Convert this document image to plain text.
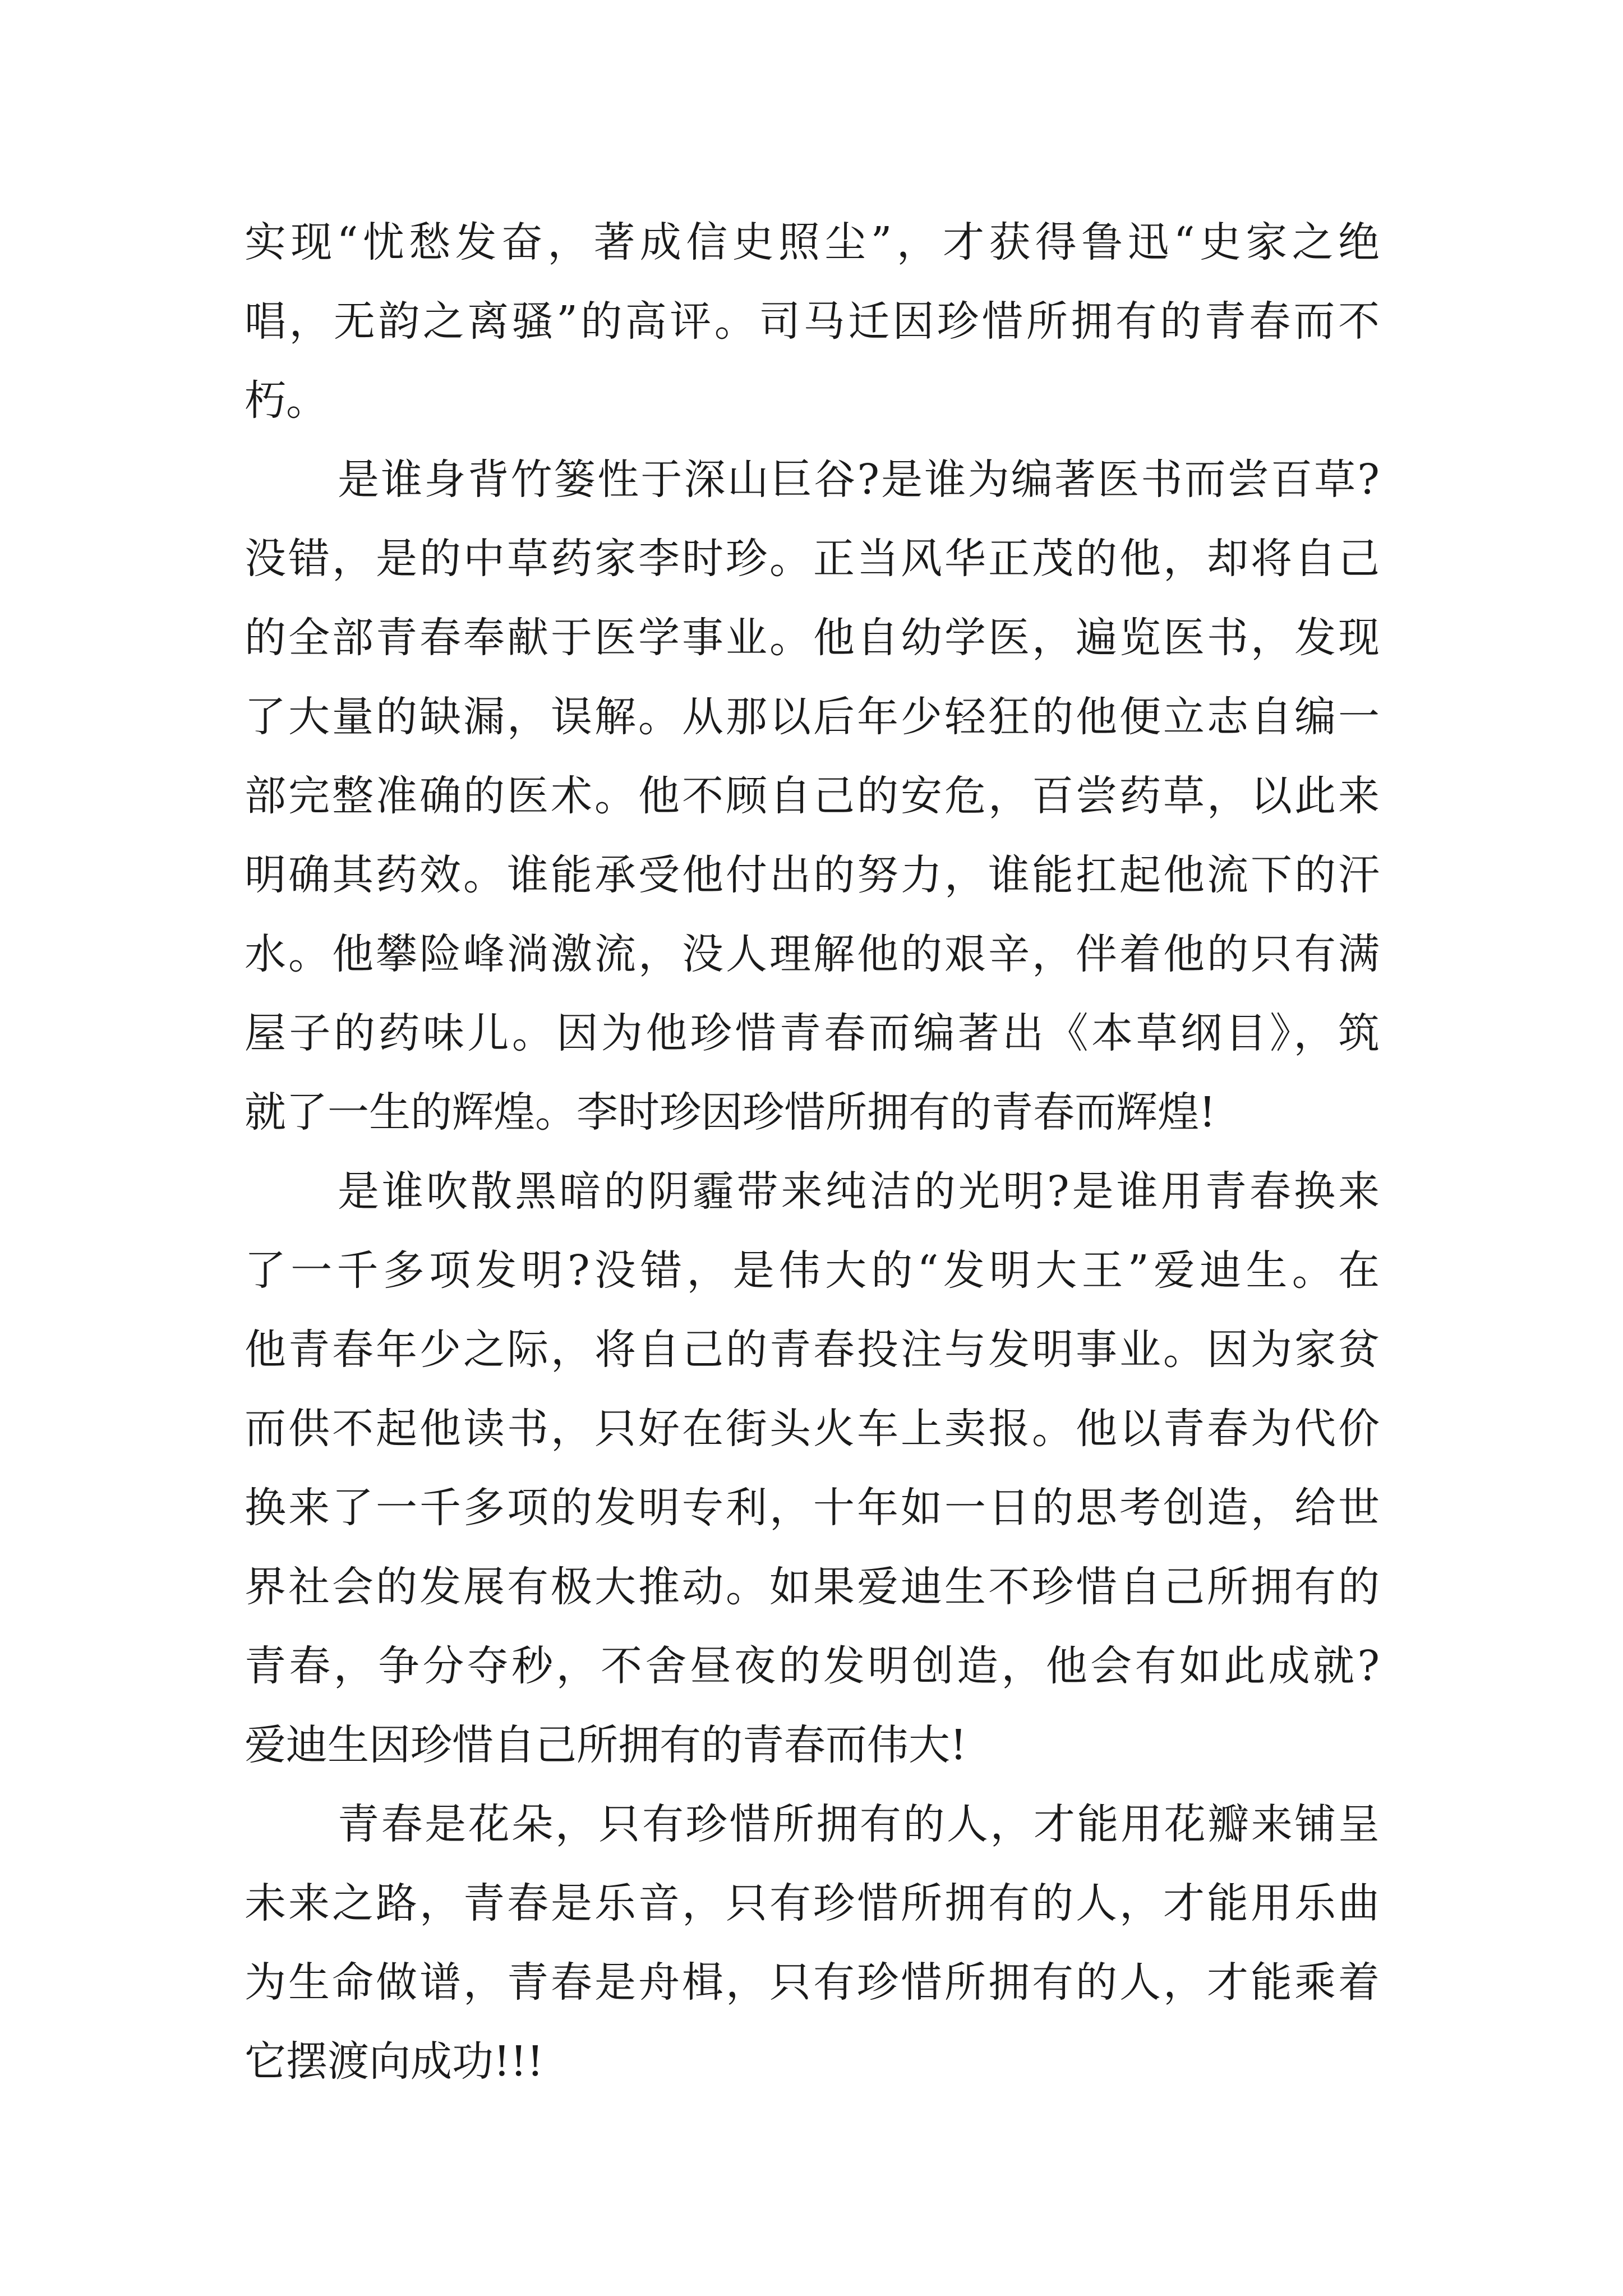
实现“忧愁发奋，著成信史照尘”，才获得鲁迅“史家之绝
唱，无韵之离骚”的高评。司马迁因珍惜所拥有的青春而不
朽。
是谁身背竹篓性于深山巨谷?是谁为编著医书而尝百草?
没错，是的中草药家李时珍。正当风华正茂的他，却将自己
的全部青春奉献于医学事业。他自幼学医，遍览医书，发现
了大量的缺漏，误解。从那以后年少轻狂的他便立志自编一
部完整准确的医术。他不顾自己的安危，百尝药草，以此来
明确其药效。谁能承受他付出的努力，谁能扛起他流下的汗
水。他攀险峰淌激流，没人理解他的艰辛，伴着他的只有满
屋子的药味儿。因为他珍惜青春而编著出《本草纲目》，筑
就了一生的辉煌。李时珍因珍惜所拥有的青春而辉煌!
是谁吹散黑暗的阴霾带来纯洁的光明?是谁用青春换来
了一千多项发明?没错，是伟大的“发明大王”爱迪生。在
他青春年少之际，将自己的青春投注与发明事业。因为家贫
而供不起他读书，只好在街头火车上卖报。他以青春为代价
换来了一千多项的发明专利，十年如一日的思考创造，给世
界社会的发展有极大推动。如果爱迪生不珍惜自己所拥有的
青春，争分夺秒，不舍昼夜的发明创造，他会有如此成就?
爱迪生因珍惜自己所拥有的青春而伟大!
青春是花朵，只有珍惜所拥有的人，才能用花瓣来铺呈
未来之路，青春是乐音，只有珍惜所拥有的人，才能用乐曲
为生命做谱，青春是舟楫，只有珍惜所拥有的人，才能乘着
它摆渡向成功!!!
